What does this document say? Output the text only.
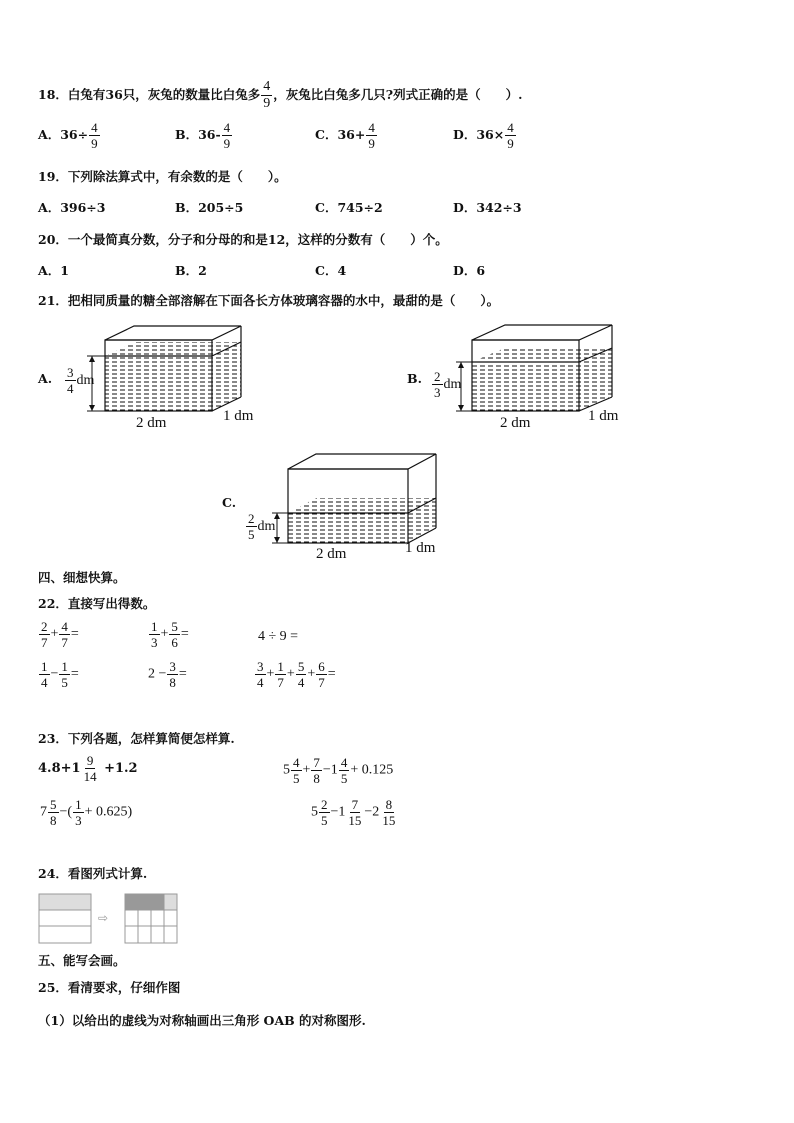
18．白兔有36只，灰兔的数量比白兔多 $\frac{4}{9}$ ，灰兔比白兔多几只?列式正确的是（　　）.
A．$36\div \frac{4}{9}$	B．$36- \frac{4}{9}$	C．$36+ \frac{4}{9}$	D．$36\times \frac{4}{9}$
19．下列除法算式中，有余数的是（　　）。
A．396÷3	B．205÷5	C．745÷2	D．342÷3
20．一个最简真分数，分子和分母的和是12，这样的分数有（　　）个。
A．1	B．2	C．4	D．6
21．把相同质量的糖全部溶解在下面各长方体玻璃容器的水中，最甜的是（　　）。
A. $\frac{3}{4}$ dm
2 dm	1 dm
B. $\frac{2}{3}$ dm
2 dm	1 dm
C.
$\frac{2}{5}$ dm
2 dm	1 dm
四、细想快算。
22．直接写出得数。
$\frac{2}{7} + \frac{4}{7}$ =	$\frac{1}{3} + \frac{5}{6}$ =	4 ÷ 9 =
$\frac{1}{4} - \frac{1}{5}$ =	$2 - \frac{3}{8}$ =	$\frac{3}{4} + \frac{1}{7} + \frac{5}{4} + \frac{6}{7}$ =
23．下列各题，怎样算简便怎样算.
$4.8+1 \frac{9}{14} +1.2$	$5 \frac{4}{5} + \frac{7}{8} -1 \frac{4}{5} + 0.125$
$7 \frac{5}{8}$ −( $\frac{1}{3} + 0.625$)	$5 \frac{2}{5} -1 \frac{7}{15} -2 \frac{8}{15}$
24．看图列式计算.
⇨
五、能写会画。
25．看清要求，仔细作图
（1）以给出的虚线为对称轴画出三角形 OAB 的对称图形.
